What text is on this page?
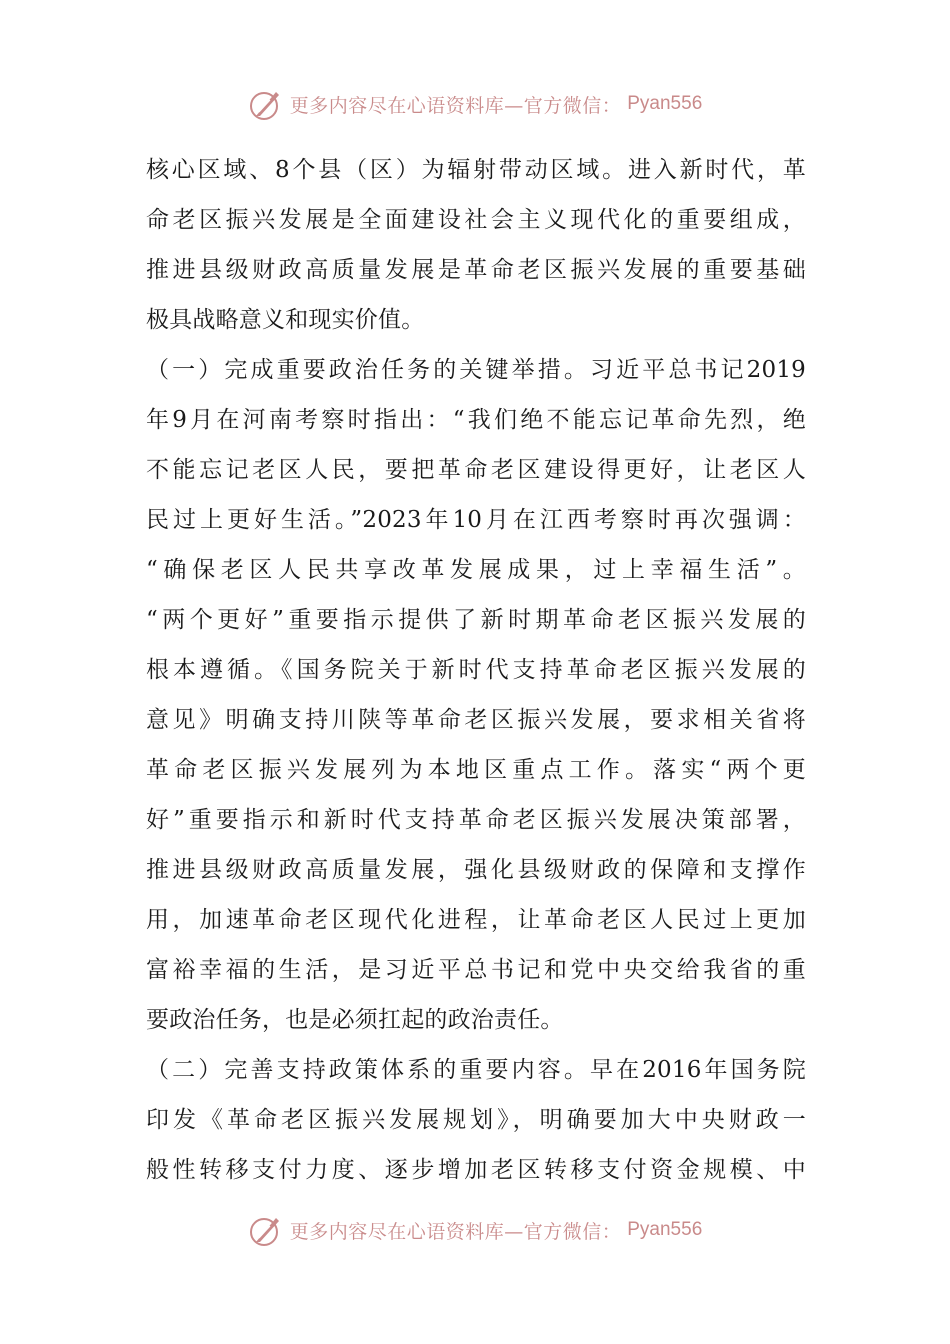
更多内容尽在心语资料库—官方微信： Pyan556
核心区域、8个县（区）为辐射带动区域。进入新时代，革
命老区振兴发展是全面建设社会主义现代化的重要组成，
推进县级财政高质量发展是革命老区振兴发展的重要基础
极具战略意义和现实价值。
（一）完成重要政治任务的关键举措。习近平总书记2019
年9月在河南考察时指出：“我们绝不能忘记革命先烈，绝
不能忘记老区人民，要把革命老区建设得更好，让老区人
民过上更好生活。”2023年10月在江西考察时再次强调：
“确保老区人民共享改革发展成果，过上幸福生活”。
“两个更好”重要指示提供了新时期革命老区振兴发展的
根本遵循。《国务院关于新时代支持革命老区振兴发展的
意见》明确支持川陕等革命老区振兴发展，要求相关省将
革命老区振兴发展列为本地区重点工作。落实“两个更
好”重要指示和新时代支持革命老区振兴发展决策部署，
推进县级财政高质量发展，强化县级财政的保障和支撑作
用，加速革命老区现代化进程，让革命老区人民过上更加
富裕幸福的生活，是习近平总书记和党中央交给我省的重
要政治任务，也是必须扛起的政治责任。
（二）完善支持政策体系的重要内容。早在2016年国务院
印发《革命老区振兴发展规划》，明确要加大中央财政一
般性转移支付力度、逐步增加老区转移支付资金规模、中
更多内容尽在心语资料库—官方微信： Pyan556
